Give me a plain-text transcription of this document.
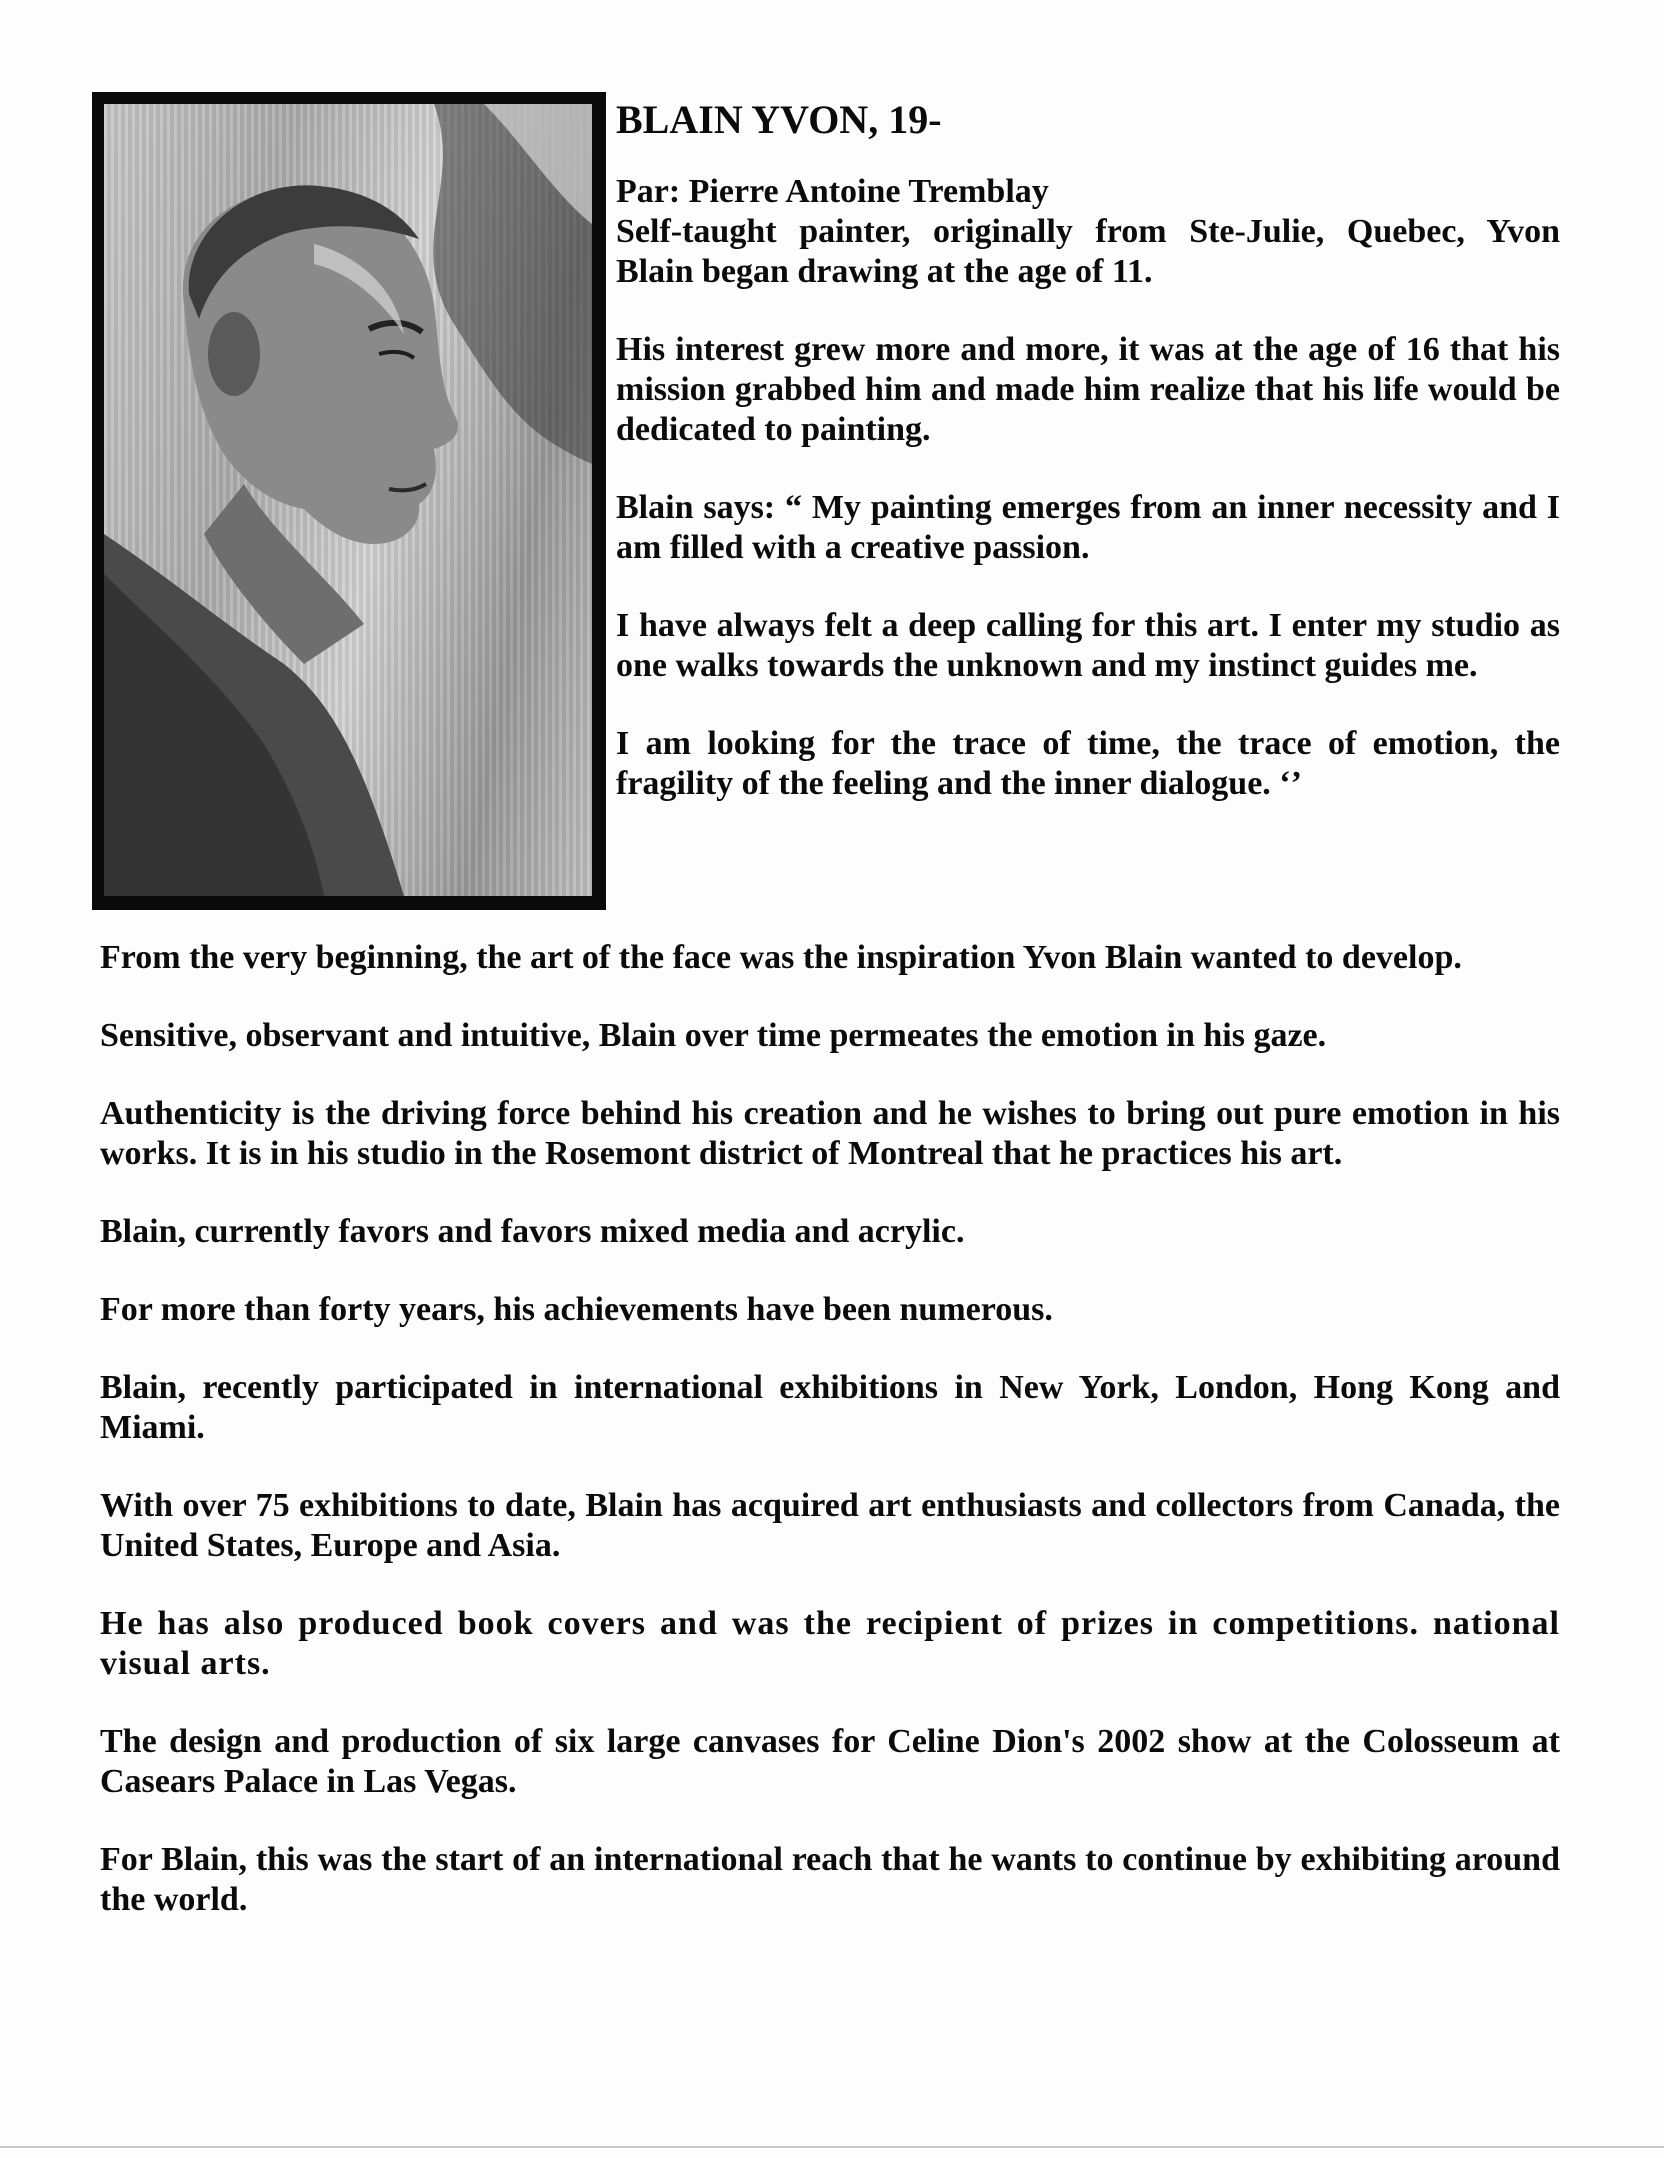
BLAIN YVON, 19-

Par: Pierre Antoine Tremblay

Self-taught painter, originally from Ste-Julie, Quebec, Yvon Blain began drawing at the age of 11.

His interest grew more and more, it was at the age of 16 that his mission grabbed him and made him realize that his life would be dedicated to painting.

Blain says: “ My painting emerges from an inner necessity and I am filled with a creative passion.

I have always felt a deep calling for this art. I enter my studio as one walks towards the unknown and my instinct guides me.

I am looking for the trace of time, the trace of emotion, the fragility of the feeling and the inner dialogue. ‘’

From the very beginning, the art of the face was the inspiration Yvon Blain wanted to develop.

Sensitive, observant and intuitive, Blain over time permeates the emotion in his gaze.

Authenticity is the driving force behind his creation and he wishes to bring out pure emotion in his works. It is in his studio in the Rosemont district of Montreal that he practices his art.

Blain, currently favors and favors mixed media and acrylic.

For more than forty years, his achievements have been numerous.

Blain, recently participated in international exhibitions in New York, London, Hong Kong and Miami.

With over 75 exhibitions to date, Blain has acquired art enthusiasts and collectors from Canada, the United States, Europe and Asia.

He has also produced book covers and was the recipient of prizes in competitions. national visual arts.

The design and production of six large canvases for Celine Dion's 2002 show at the Colosseum at Casears Palace in Las Vegas.

For Blain, this was the start of an international reach that he wants to continue by exhibiting around the world.
